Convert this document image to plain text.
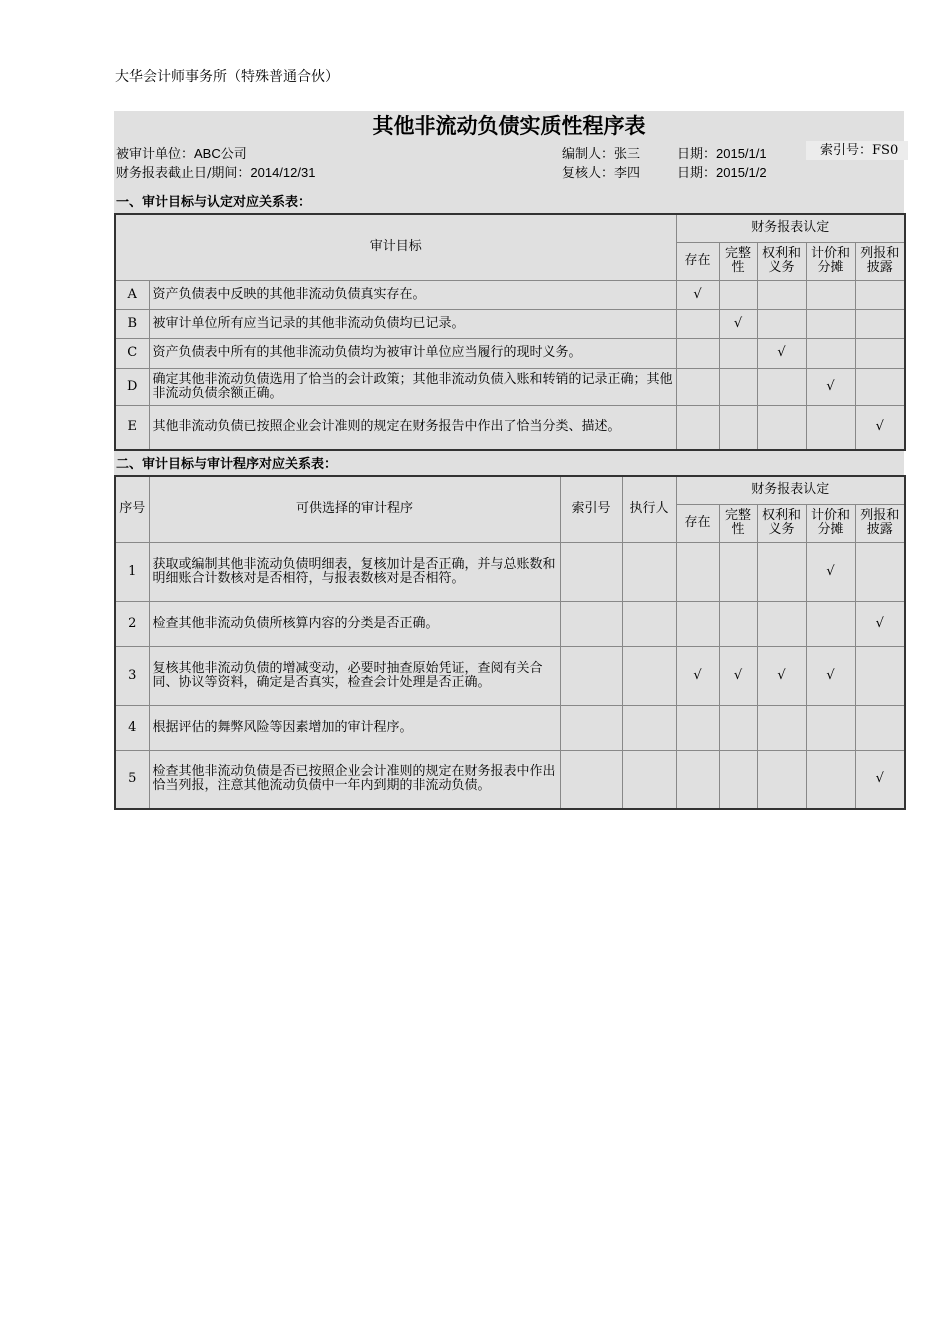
大华会计师事务所（特殊普通合伙）
其他非流动负债实质性程序表
被审计单位：ABC公司	编制人：张三	日期：2015/1/1	索引号：FS0
财务报表截止日/期间：2014/12/31	复核人：李四	日期：2015/1/2
一、审计目标与认定对应关系表：
审计目标		财务报表认定				
		存在	完整性	权利和义务	计价和分摊	列报和披露
A	资产负债表中反映的其他非流动负债真实存在。	√				
B	被审计单位所有应当记录的其他非流动负债均已记录。		√			
C	资产负债表中所有的其他非流动负债均为被审计单位应当履行的现时义务。			√		
D	确定其他非流动负债选用了恰当的会计政策；其他非流动负债入账和转销的记录正确；其他非流动负债余额正确。				√	
E	其他非流动负债已按照企业会计准则的规定在财务报告中作出了恰当分类、描述。					√
二、审计目标与审计程序对应关系表：
序号	可供选择的审计程序	索引号	执行人	财务报表认定				
				存在	完整性	权利和义务	计价和分摊	列报和披露
1	获取或编制其他非流动负债明细表，复核加计是否正确，并与总账数和明细账合计数核对是否相符，与报表数核对是否相符。						√	
2	检查其他非流动负债所核算内容的分类是否正确。							√
3	复核其他非流动负债的增减变动，必要时抽查原始凭证，查阅有关合同、协议等资料，确定是否真实，检查会计处理是否正确。			√	√	√	√	
4	根据评估的舞弊风险等因素增加的审计程序。							
5	检查其他非流动负债是否已按照企业会计准则的规定在财务报表中作出恰当列报，注意其他流动负债中一年内到期的非流动负债。							√
